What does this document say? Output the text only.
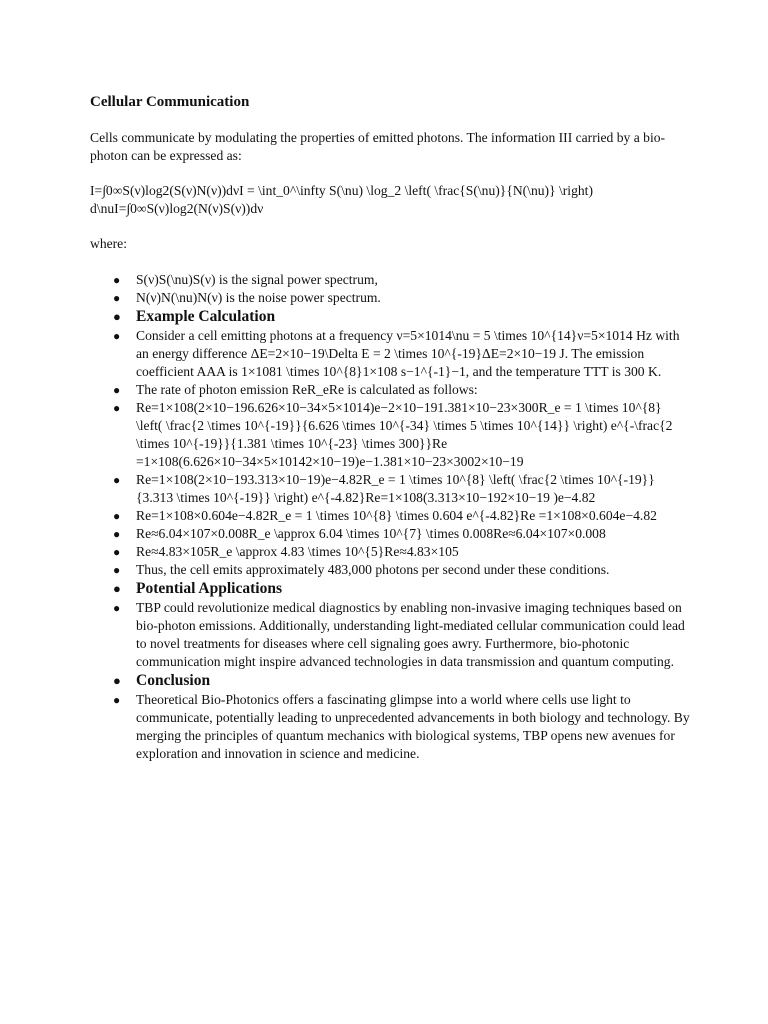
Cellular Communication

Cells communicate by modulating the properties of emitted photons. The information III carried by a bio-photon can be expressed as:

I=∫0∞S(ν)log⁡2(S(ν)N(ν))dνI = \int_0^\infty S(\nu) \log_2 \left( \frac{S(\nu)}{N(\nu)} \right) d\nuI=∫0∞S(ν)log2(N(ν)S(ν))dν

where:

● S(ν)S(\nu)S(ν) is the signal power spectrum,
● N(ν)N(\nu)N(ν) is the noise power spectrum.
● Example Calculation
● Consider a cell emitting photons at a frequency ν=5×1014\nu = 5 \times 10^{14}ν=5×1014 Hz with an energy difference ΔE=2×10−19\Delta E = 2 \times 10^{-19}ΔE=2×10−19 J. The emission coefficient AAA is 1×1081 \times 10^{8}1×108 s−1^{-1}−1, and the temperature TTT is 300 K.
● The rate of photon emission ReR_eRe is calculated as follows:
● Re=1×108(2×10−196.626×10−34×5×1014)e−2×10−191.381×10−23×300R_e = 1 \times 10^{8} \left( \frac{2 \times 10^{-19}}{6.626 \times 10^{-34} \times 5 \times 10^{14}} \right) e^{-\frac{2 \times 10^{-19}}{1.381 \times 10^{-23} \times 300}}Re =1×108(6.626×10−34×5×10142×10−19)e−1.381×10−23×3002×10−19
● Re=1×108(2×10−193.313×10−19)e−4.82R_e = 1 \times 10^{8} \left( \frac{2 \times 10^{-19}}{3.313 \times 10^{-19}} \right) e^{-4.82}Re=1×108(3.313×10−192×10−19 )e−4.82
● Re=1×108×0.604e−4.82R_e = 1 \times 10^{8} \times 0.604 e^{-4.82}Re =1×108×0.604e−4.82
● Re≈6.04×107×0.008R_e \approx 6.04 \times 10^{7} \times 0.008Re≈6.04×107×0.008
● Re≈4.83×105R_e \approx 4.83 \times 10^{5}Re≈4.83×105
● Thus, the cell emits approximately 483,000 photons per second under these conditions.
● Potential Applications
● TBP could revolutionize medical diagnostics by enabling non-invasive imaging techniques based on bio-photon emissions. Additionally, understanding light-mediated cellular communication could lead to novel treatments for diseases where cell signaling goes awry. Furthermore, bio-photonic communication might inspire advanced technologies in data transmission and quantum computing.
● Conclusion
● Theoretical Bio-Photonics offers a fascinating glimpse into a world where cells use light to communicate, potentially leading to unprecedented advancements in both biology and technology. By merging the principles of quantum mechanics with biological systems, TBP opens new avenues for exploration and innovation in science and medicine.
